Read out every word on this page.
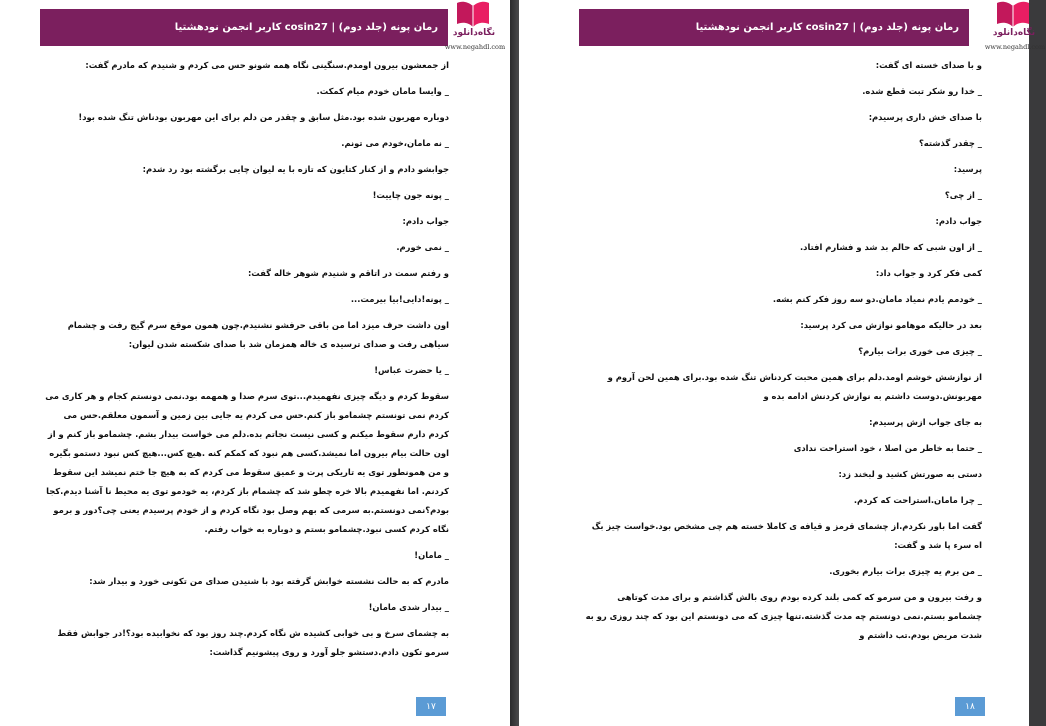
رمان پونه (جلد دوم) | cosin27 کاربر انجمن نودهشتیا	نگاه‌دانلود
www.negahdl.com

از جمعشون بیرون اومدم.سنگینی نگاه همه شونو حس می کردم و شنیدم که مادرم گفت:

_ وایسا مامان خودم میام کمکت.

دوباره مهربون شده بود.مثل سابق و چقدر من دلم برای این مهربون بودناش تنگ شده بود!

_ نه مامان،خودم می تونم.

جوابشو دادم و از کنار کتایون که تازه با یه لیوان چایی برگشته بود رد شدم:

_ پونه جون چاییت!

جواب دادم:

_ نمی خورم.

و رفتم سمت در اتاقم و شنیدم شوهر خاله گفت:

_ پونه!دایی!بیا بیرمت...

اون داشت حرف میزد اما من باقی حرفشو نشنیدم.چون همون موقع سرم گیج رفت و چشمام سیاهی رفت و صدای ترسیده ی خاله همزمان شد با صدای شکسته شدن لیوان:

_ یا حضرت عباس!

سقوط کردم و دیگه چیزی نفهمیدم...توی سرم صدا و همهمه بود.نمی دونستم کجام و هر کاری می کردم نمی تونستم چشمامو باز کنم.حس می کردم یه جایی بین زمین و آسمون معلقم.حس می کردم دارم سقوط میکنم و کسی نیست نجاتم بده.دلم می خواست بیدار بشم. چشمامو باز کنم و از اون حالت بیام بیرون اما نمیشد.کسی هم نبود که کمکم کنه .هیچ کس...هیچ کس نبود دستمو بگیره و من همونطور توی یه تاریکی پرت و عمیق سقوط می کردم که به هیچ جا ختم نمیشد این سقوط کردنم. اما نفهمیدم بالا خره چطو شد که چشمام باز کردم، یه خودمو توی یه محیط نا آشنا دیدم.کجا بودم؟نمی دونستم.به سرمی که بهم وصل بود نگاه کردم و از خودم پرسیدم یعنی چی؟دور و برمو نگاه کردم کسی نبود.چشمامو بستم و دوباره به خواب رفتم.

_ مامان!

مادرم که به حالت نشسته خوابش گرفته بود با شنیدن صدای من تکونی خورد و بیدار شد:

_ بیدار شدی مامان!

به چشمای سرخ و بی خوابی کشیده ش نگاه کردم.چند روز بود که نخوابیده بود؟!در جوابش فقط سرمو تکون دادم.دستشو جلو آورد و روی پیشونیم گذاشت:

۱۷
رمان پونه (جلد دوم) | cosin27 کاربر انجمن نودهشتیا	نگاه‌دانلود
www.negahdl.com
۱۸

و با صدای خسته ای گفت:

_ خدا رو شکر تبت قطع شده.

با صدای خش داری پرسیدم:

_ چقدر گذشته؟

پرسید:

_ از چی؟

جواب دادم:

_ از اون شبی که حالم بد شد و فشارم افتاد.

کمی فکر کرد و جواب داد:

_ خودمم یادم نمیاد مامان.دو سه روز فکر کنم بشه.

بعد در حالیکه موهامو نوازش می کرد پرسید:

_ چیزی می خوری برات بیارم؟

از نوازشش خوشم اومد.دلم برای همین محبت کردناش تنگ شده بود.برای همین لحن آروم و مهربونش.دوست داشتم به نوازش کردنش ادامه بده و

به جای جواب ازش پرسیدم:

_ حتما به خاطر من اصلا ، خود استراحت ندادی

دستی به صورتش کشید و لبخند زد:

_ چرا مامان.استراحت که کردم.

گفت اما باور نکردم.از چشمای قرمز و قیافه ی کاملا خسته هم چی مشخص بود.خواست چیز بگ اه سرء پا شد و گفت:

_ من برم یه چیزی برات بیارم بخوری.

و رفت بیرون و من سرمو که کمی بلند کرده بودم روی بالش گذاشتم و برای مدت کوتاهی چشمامو بستم.نمی دونستم چه مدت گذشته.تنها چیزی که می دونستم این بود که چند روزی رو به شدت مریض بودم.تب داشتم و
